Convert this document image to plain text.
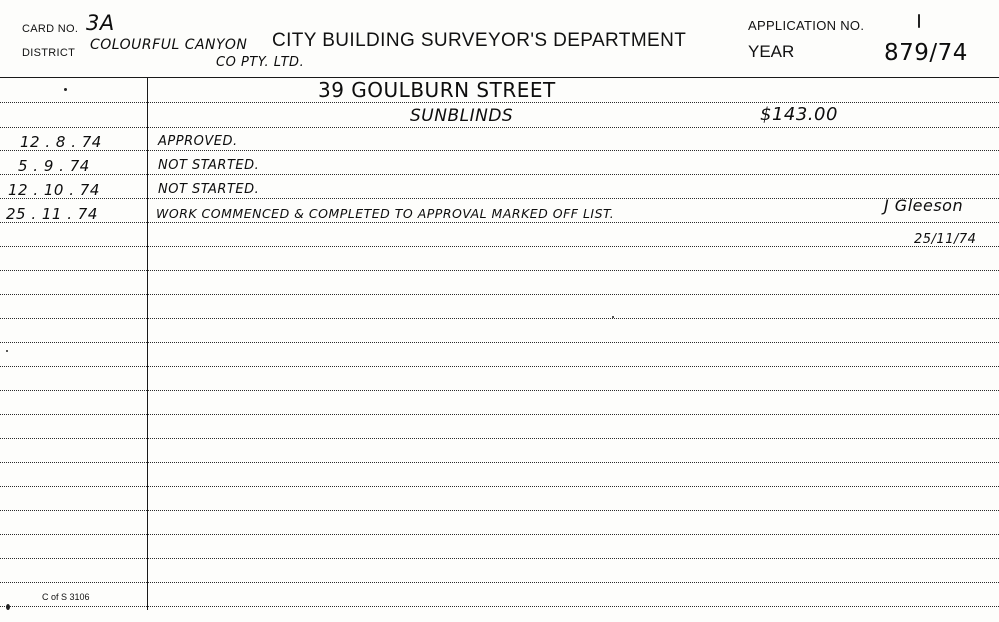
CARD NO. 3A
DISTRICT COLOURFUL CANYON
CO PTY. LTD.
CITY BUILDING SURVEYOR'S DEPARTMENT
APPLICATION NO.
YEAR	879/74
39 GOULBURN STREET
SUNBLINDS	$143.00
12 . 8 . 74	APPROVED.
5 . 9 . 74	NOT STARTED.
12 . 10 . 74	NOT STARTED.
25 . 11 . 74	WORK COMMENCED & COMPLETED TO APPROVAL MARKED OFF LIST.	J Gleeson
25/11/74
C of S 3106
